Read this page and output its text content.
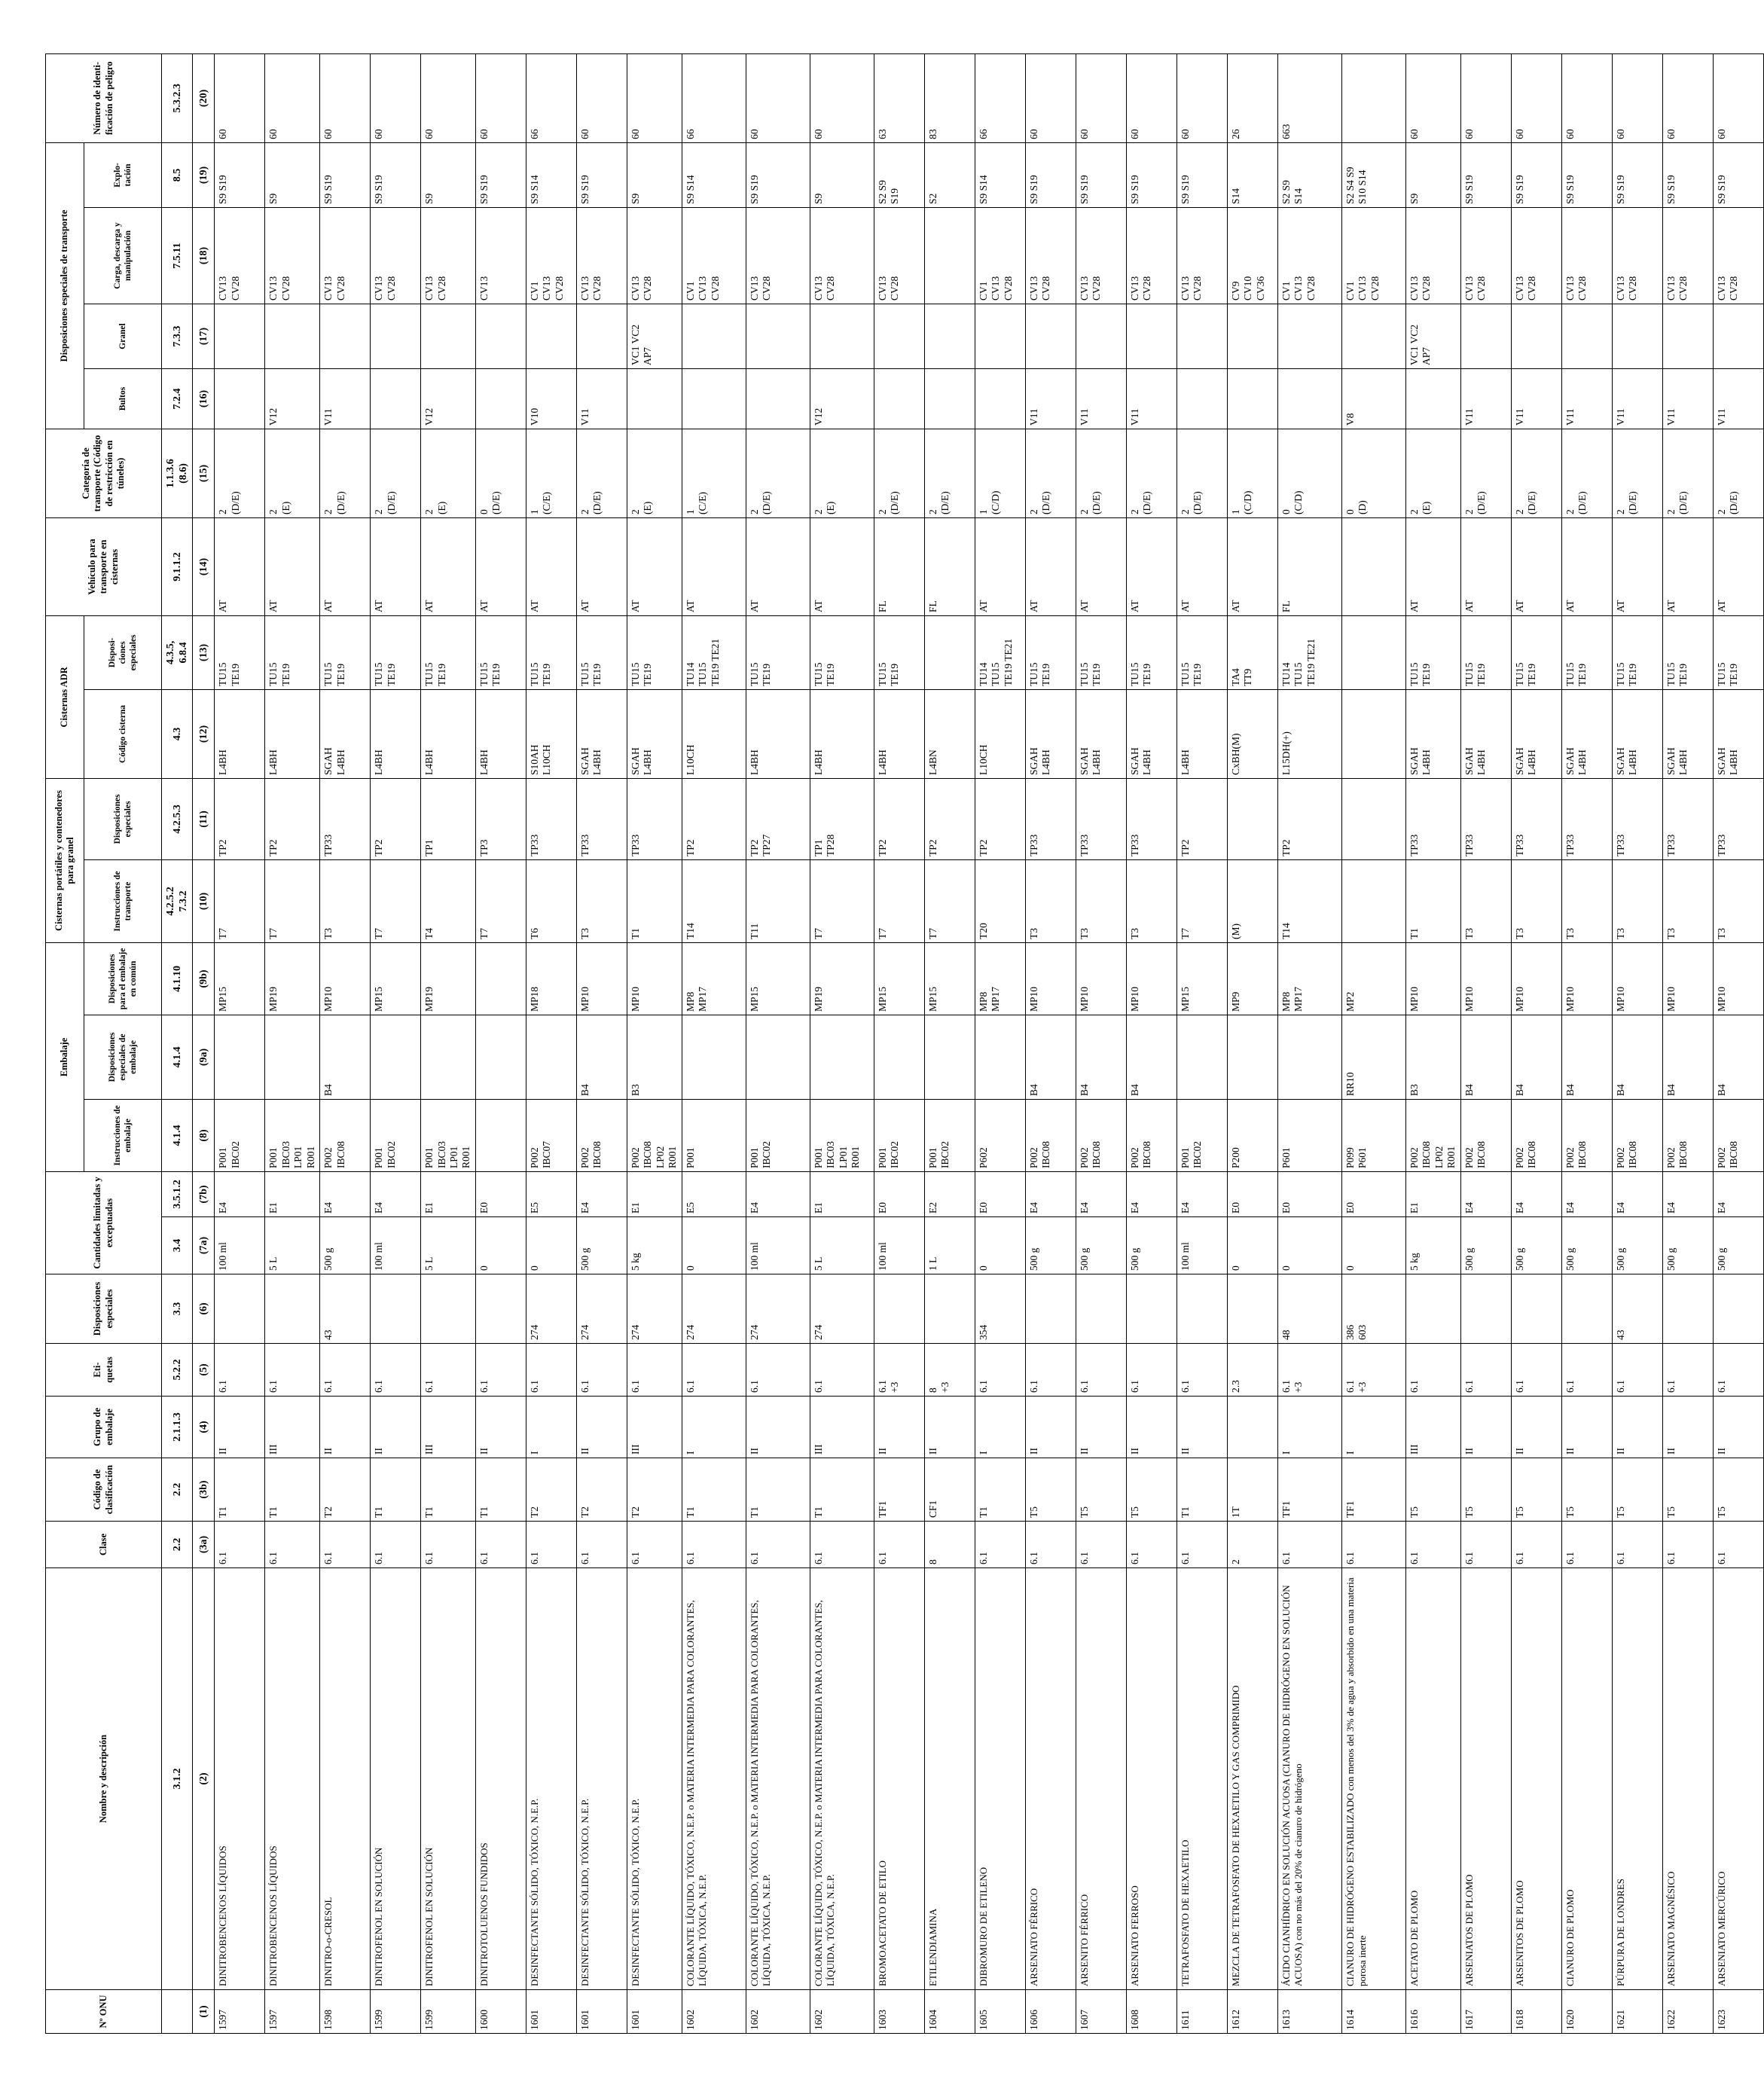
Nº ONU	Nombre y descripción	Clase	Código de clasificación	Grupo de embalaje	Eti-
quetas	Disposiciones especiales	Cantidades limitadas y exceptuadas		Embalaje			Cisternas portátiles y contenedores para granel		Cisternas ADR		Vehículo para transporte en cisternas	Categoría de transporte (Código de restricción en túneles)	Disposiciones especiales de transporte				Número de identi-
ficación de peligro
									Instrucciones de embalaje	Disposiciones especiales de embalaje	Disposiciones para el embalaje en común	Instrucciones de transporte	Disposiciones especiales	Código cisterna	Disposi-
ciones
especiales			Bultos	Granel	Carga, descarga y manipulación	Explo-
tación	
	3.1.2	2.2	2.2	2.1.1.3	5.2.2	3.3	3.4	3.5.1.2	4.1.4	4.1.4	4.1.10	4.2.5.2
7.3.2	4.2.5.3	4.3	4.3.5,
6.8.4	9.1.1.2	1.1.3.6
(8.6)	7.2.4	7.3.3	7.5.11	8.5	5.3.2.3
(1)	(2)	(3a)	(3b)	(4)	(5)	(6)	(7a)	(7b)	(8)	(9a)	(9b)	(10)	(11)	(12)	(13)	(14)	(15)	(16)	(17)	(18)	(19)	(20)
1597	DINITROBENCENOS LÍQUIDOS	6.1	T1	II	6.1		100 ml	E4	P001
IBC02		MP15	T7	TP2	L4BH	TU15
TE19	AT	2
(D/E)			CV13
CV28	S9 S19	60
1597	DINITROBENCENOS LÍQUIDOS	6.1	T1	III	6.1		5 L	E1	P001
IBC03
LP01
R001		MP19	T7	TP2	L4BH	TU15
TE19	AT	2
(E)	V12		CV13
CV28	S9	60
1598	DINITRO-o-CRESOL	6.1	T2	II	6.1	43	500 g	E4	P002
IBC08	B4	MP10	T3	TP33	SGAH
L4BH	TU15
TE19	AT	2
(D/E)	V11		CV13
CV28	S9 S19	60
1599	DINITROFENOL EN SOLUCIÓN	6.1	T1	II	6.1		100 ml	E4	P001
IBC02		MP15	T7	TP2	L4BH	TU15
TE19	AT	2
(D/E)			CV13
CV28	S9 S19	60
1599	DINITROFENOL EN SOLUCIÓN	6.1	T1	III	6.1		5 L	E1	P001
IBC03
LP01
R001		MP19	T4	TP1	L4BH	TU15
TE19	AT	2
(E)	V12		CV13
CV28	S9	60
1600	DINITROTOLUENOS FUNDIDOS	6.1	T1	II	6.1		0	E0				T7	TP3	L4BH	TU15
TE19	AT	0
(D/E)			CV13	S9 S19	60
1601	DESINFECTANTE SÓLIDO, TÓXICO, N.E.P.	6.1	T2	I	6.1	274	0	E5	P002
IBC07		MP18	T6	TP33	S10AH
L10CH	TU15
TE19	AT	1
(C/E)	V10		CV1
CV13
CV28	S9 S14	66
1601	DESINFECTANTE SÓLIDO, TÓXICO, N.E.P.	6.1	T2	II	6.1	274	500 g	E4	P002
IBC08	B4	MP10	T3	TP33	SGAH
L4BH	TU15
TE19	AT	2
(D/E)	V11		CV13
CV28	S9 S19	60
1601	DESINFECTANTE SÓLIDO, TÓXICO, N.E.P.	6.1	T2	III	6.1	274	5 kg	E1	P002
IBC08
LP02
R001	B3	MP10	T1	TP33	SGAH
L4BH	TU15
TE19	AT	2
(E)		VC1 VC2
AP7	CV13
CV28	S9	60
1602	COLORANTE LÍQUIDO, TÓXICO, N.E.P. o MATERIA INTERMEDIA PARA COLORANTES, LÍQUIDA, TÓXICA, N.E.P.	6.1	T1	I	6.1	274	0	E5	P001		MP8
MP17	T14	TP2	L10CH	TU14
TU15
TE19 TE21	AT	1
(C/E)			CV1
CV13
CV28	S9 S14	66
1602	COLORANTE LÍQUIDO, TÓXICO, N.E.P. o MATERIA INTERMEDIA PARA COLORANTES, LÍQUIDA, TÓXICA, N.E.P.	6.1	T1	II	6.1	274	100 ml	E4	P001
IBC02		MP15	T11	TP2
TP27	L4BH	TU15
TE19	AT	2
(D/E)			CV13
CV28	S9 S19	60
1602	COLORANTE LÍQUIDO, TÓXICO, N.E.P. o MATERIA INTERMEDIA PARA COLORANTES, LÍQUIDA, TÓXICA, N.E.P.	6.1	T1	III	6.1	274	5 L	E1	P001
IBC03
LP01
R001		MP19	T7	TP1
TP28	L4BH	TU15
TE19	AT	2
(E)	V12		CV13
CV28	S9	60
1603	BROMOACETATO DE ETILO	6.1	TF1	II	6.1
+3		100 ml	E0	P001
IBC02		MP15	T7	TP2	L4BH	TU15
TE19	FL	2
(D/E)			CV13
CV28	S2 S9
S19	63
1604	ETILENDIAMINA	8	CF1	II	8
+3		1 L	E2	P001
IBC02		MP15	T7	TP2	L4BN		FL	2
(D/E)				S2	83
1605	DIBROMURO DE ETILENO	6.1	T1	I	6.1	354	0	E0	P602		MP8
MP17	T20	TP2	L10CH	TU14
TU15
TE19 TE21	AT	1
(C/D)			CV1
CV13
CV28	S9 S14	66
1606	ARSENIATO FÉRRICO	6.1	T5	II	6.1		500 g	E4	P002
IBC08	B4	MP10	T3	TP33	SGAH
L4BH	TU15
TE19	AT	2
(D/E)	V11		CV13
CV28	S9 S19	60
1607	ARSENITO FÉRRICO	6.1	T5	II	6.1		500 g	E4	P002
IBC08	B4	MP10	T3	TP33	SGAH
L4BH	TU15
TE19	AT	2
(D/E)	V11		CV13
CV28	S9 S19	60
1608	ARSENIATO FERROSO	6.1	T5	II	6.1		500 g	E4	P002
IBC08	B4	MP10	T3	TP33	SGAH
L4BH	TU15
TE19	AT	2
(D/E)	V11		CV13
CV28	S9 S19	60
1611	TETRAFOSFATO DE HEXAETILO	6.1	T1	II	6.1		100 ml	E4	P001
IBC02		MP15	T7	TP2	L4BH	TU15
TE19	AT	2
(D/E)			CV13
CV28	S9 S19	60
1612	MEZCLA DE TETRAFOSFATO DE HEXAETILO Y GAS COMPRIMIDO	2	1T		2.3		0	E0	P200		MP9	(M)		CxBH(M)	TA4
TT9	AT	1
(C/D)			CV9
CV10
CV36	S14	26
1613	ÁCIDO CIANHÍDRICO EN SOLUCIÓN ACUOSA (CIANURO DE HIDRÓGENO EN SOLUCIÓN ACUOSA) con no más del 20% de cianuro de hidrógeno	6.1	TF1	I	6.1
+3	48	0	E0	P601		MP8
MP17	T14	TP2	L15DH(+)	TU14
TU15
TE19 TE21	FL	0
(C/D)			CV1
CV13
CV28	S2 S9
S14	663
1614	CIANURO DE HIDRÓGENO ESTABILIZADO con menos del 3% de agua y absorbido en una materia porosa inerte	6.1	TF1	I	6.1
+3	386
603	0	E0	P099
P601	RR10	MP2						0
(D)	V8		CV1
CV13
CV28	S2 S4 S9
S10 S14	
1616	ACETATO DE PLOMO	6.1	T5	III	6.1		5 kg	E1	P002
IBC08
LP02
R001	B3	MP10	T1	TP33	SGAH
L4BH	TU15
TE19	AT	2
(E)		VC1 VC2
AP7	CV13
CV28	S9	60
1617	ARSENIATOS DE PLOMO	6.1	T5	II	6.1		500 g	E4	P002
IBC08	B4	MP10	T3	TP33	SGAH
L4BH	TU15
TE19	AT	2
(D/E)	V11		CV13
CV28	S9 S19	60
1618	ARSENITOS DE PLOMO	6.1	T5	II	6.1		500 g	E4	P002
IBC08	B4	MP10	T3	TP33	SGAH
L4BH	TU15
TE19	AT	2
(D/E)	V11		CV13
CV28	S9 S19	60
1620	CIANURO DE PLOMO	6.1	T5	II	6.1		500 g	E4	P002
IBC08	B4	MP10	T3	TP33	SGAH
L4BH	TU15
TE19	AT	2
(D/E)	V11		CV13
CV28	S9 S19	60
1621	PÚRPURA DE LONDRES	6.1	T5	II	6.1	43	500 g	E4	P002
IBC08	B4	MP10	T3	TP33	SGAH
L4BH	TU15
TE19	AT	2
(D/E)	V11		CV13
CV28	S9 S19	60
1622	ARSENIATO MAGNÉSICO	6.1	T5	II	6.1		500 g	E4	P002
IBC08	B4	MP10	T3	TP33	SGAH
L4BH	TU15
TE19	AT	2
(D/E)	V11		CV13
CV28	S9 S19	60
1623	ARSENIATO MERCÚRICO	6.1	T5	II	6.1		500 g	E4	P002
IBC08	B4	MP10	T3	TP33	SGAH
L4BH	TU15
TE19	AT	2
(D/E)	V11		CV13
CV28	S9 S19	60
